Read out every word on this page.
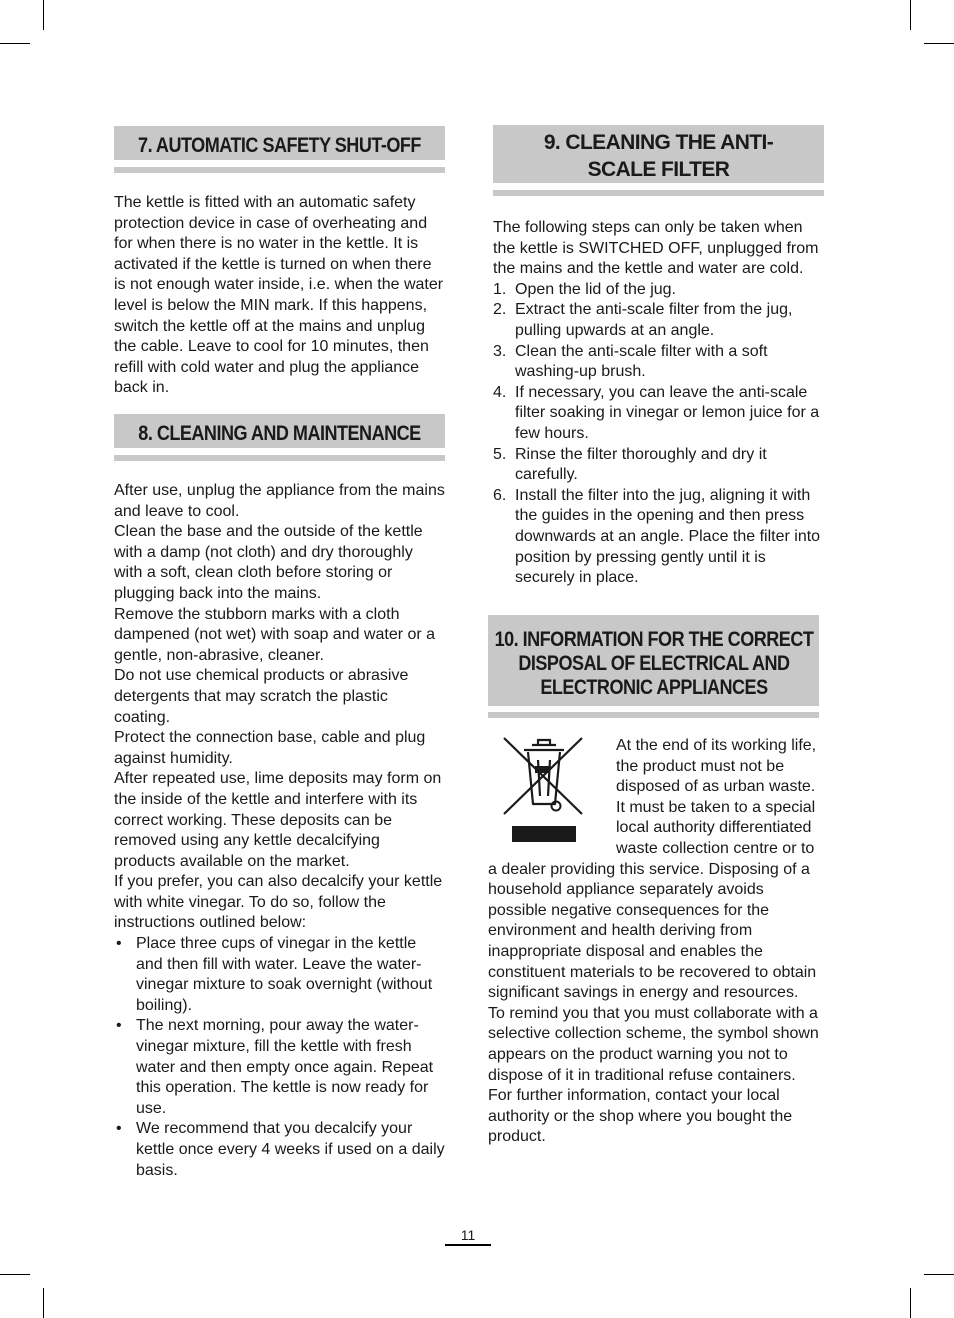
7. AUTOMATIC SAFETY SHUT-OFF

The kettle is fitted with an automatic safety protection device in case of overheating and for when there is no water in the kettle. It is activated if the kettle is turned on when there is not enough water inside, i.e. when the water level is below the MIN mark. If this happens, switch the kettle off at the mains and unplug the cable. Leave to cool for 10 minutes, then refill with cold water and plug the appliance back in.

8. CLEANING AND MAINTENANCE
After use, unplug the appliance from the mains and leave to cool.
Clean the base and the outside of the kettle with a damp (not cloth) and dry thoroughly with a soft, clean cloth before storing or plugging back into the mains.
Remove the stubborn marks with a cloth dampened (not wet) with soap and water or a gentle, non-abrasive, cleaner.
Do not use chemical products or abrasive detergents that may scratch the plastic coating.
Protect the connection base, cable and plug against humidity.
After repeated use, lime deposits may form on the inside of the kettle and interfere with its correct working. These deposits can be removed using any kettle decalcifying products available on the market.
If you prefer, you can also decalcify your kettle with white vinegar. To do so, follow the instructions outlined below:
• Place three cups of vinegar in the kettle and then fill with water. Leave the water-vinegar mixture to soak overnight (without boiling).
• The next morning, pour away the water-vinegar mixture, fill the kettle with fresh water and then empty once again. Repeat this operation. The kettle is now ready for use.
• We recommend that you decalcify your kettle once every 4 weeks if used on a daily basis.
9. CLEANING THE ANTI-SCALE FILTER

The following steps can only be taken when the kettle is SWITCHED OFF, unplugged from the mains and the kettle and water are cold.

1. Open the lid of the jug.
2. Extract the anti-scale filter from the jug, pulling upwards at an angle.
3. Clean the anti-scale filter with a soft washing-up brush.
4. If necessary, you can leave the anti-scale filter soaking in vinegar or lemon juice for a few hours.
5. Rinse the filter thoroughly and dry it carefully.
6. Install the filter into the jug, aligning it with the guides in the opening and then press downwards at an angle. Place the filter into position by pressing gently until it is securely in place.
10. INFORMATION FOR THE CORRECT DISPOSAL OF ELECTRICAL AND ELECTRONIC APPLIANCES
At the end of its working life, the product must not be disposed of as urban waste. It must be taken to a special local authority differentiated waste collection centre or to a dealer providing this service. Disposing of a household appliance separately avoids possible negative consequences for the environment and health deriving from inappropriate disposal and enables the constituent materials to be recovered to obtain significant savings in energy and resources.
To remind you that you must collaborate with a selective collection scheme, the symbol shown appears on the product warning you not to dispose of it in traditional refuse containers.
For further information, contact your local authority or the shop where you bought the product.
11
